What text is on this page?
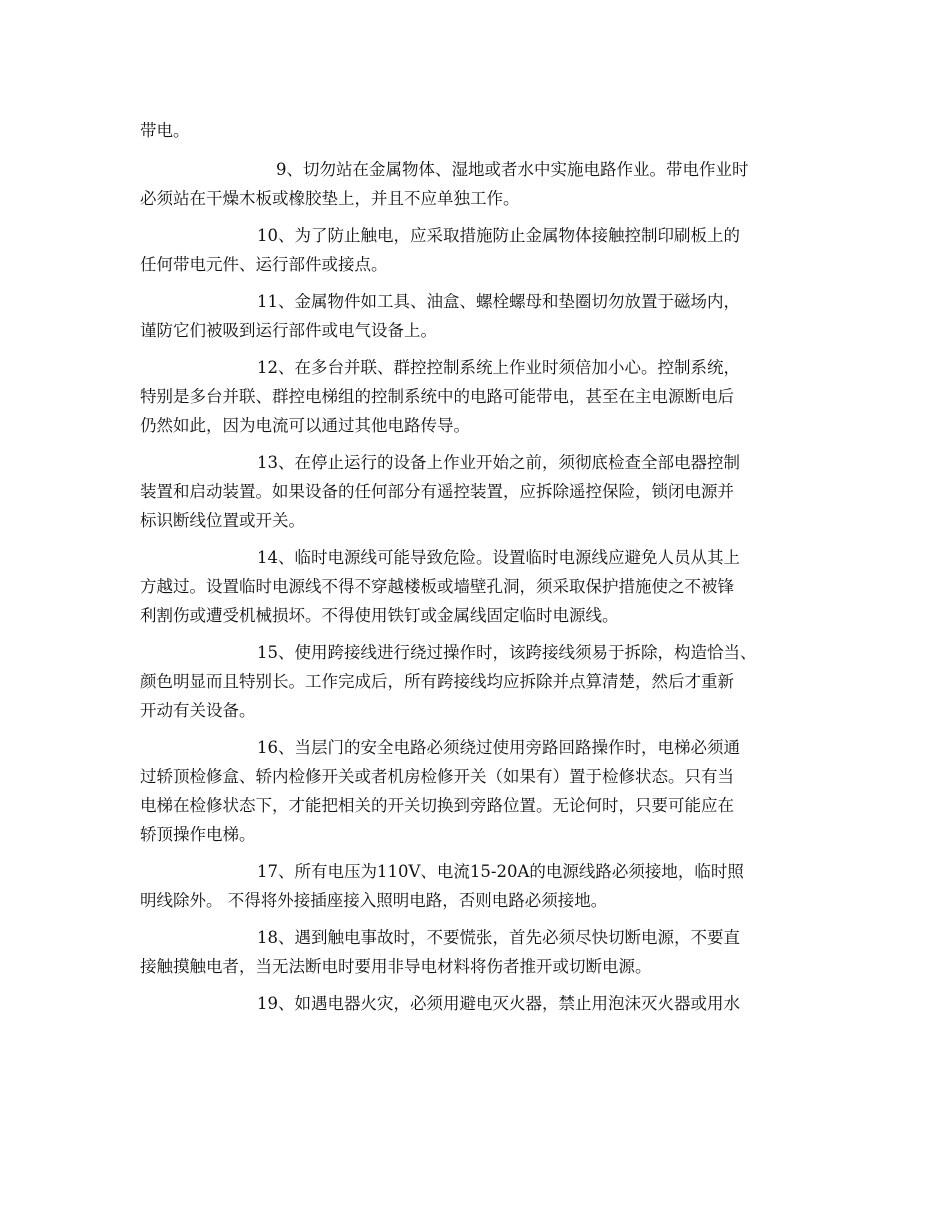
带电。
9、切勿站在金属物体、湿地或者水中实施电路作业。带电作业时
必须站在干燥木板或橡胶垫上，并且不应单独工作。
10、为了防止触电，应采取措施防止金属物体接触控制印刷板上的
任何带电元件、运行部件或接点。
11、金属物件如工具、油盒、螺栓螺母和垫圈切勿放置于磁场内，
谨防它们被吸到运行部件或电气设备上。
12、在多台并联、群控控制系统上作业时须倍加小心。控制系统，
特别是多台并联、群控电梯组的控制系统中的电路可能带电，甚至在主电源断电后
仍然如此，因为电流可以通过其他电路传导。
13、在停止运行的设备上作业开始之前，须彻底检查全部电器控制
装置和启动装置。如果设备的任何部分有遥控装置，应拆除遥控保险，锁闭电源并
标识断线位置或开关。
14、临时电源线可能导致危险。设置临时电源线应避免人员从其上
方越过。设置临时电源线不得不穿越楼板或墙壁孔洞，须采取保护措施使之不被锋
利割伤或遭受机械损坏。不得使用铁钉或金属线固定临时电源线。
15、使用跨接线进行绕过操作时，该跨接线须易于拆除，构造恰当、
颜色明显而且特别长。工作完成后，所有跨接线均应拆除并点算清楚，然后才重新
开动有关设备。
16、当层门的安全电路必须绕过使用旁路回路操作时，电梯必须通
过轿顶检修盒、轿内检修开关或者机房检修开关（如果有）置于检修状态。只有当
电梯在检修状态下，才能把相关的开关切换到旁路位置。无论何时，只要可能应在
轿顶操作电梯。
17、所有电压为110V、电流15-20A的电源线路必须接地，临时照
明线除外。 不得将外接插座接入照明电路，否则电路必须接地。
18、遇到触电事故时，不要慌张，首先必须尽快切断电源，不要直
接触摸触电者，当无法断电时要用非导电材料将伤者推开或切断电源。
19、如遇电器火灾，必须用避电灭火器，禁止用泡沫灭火器或用水
